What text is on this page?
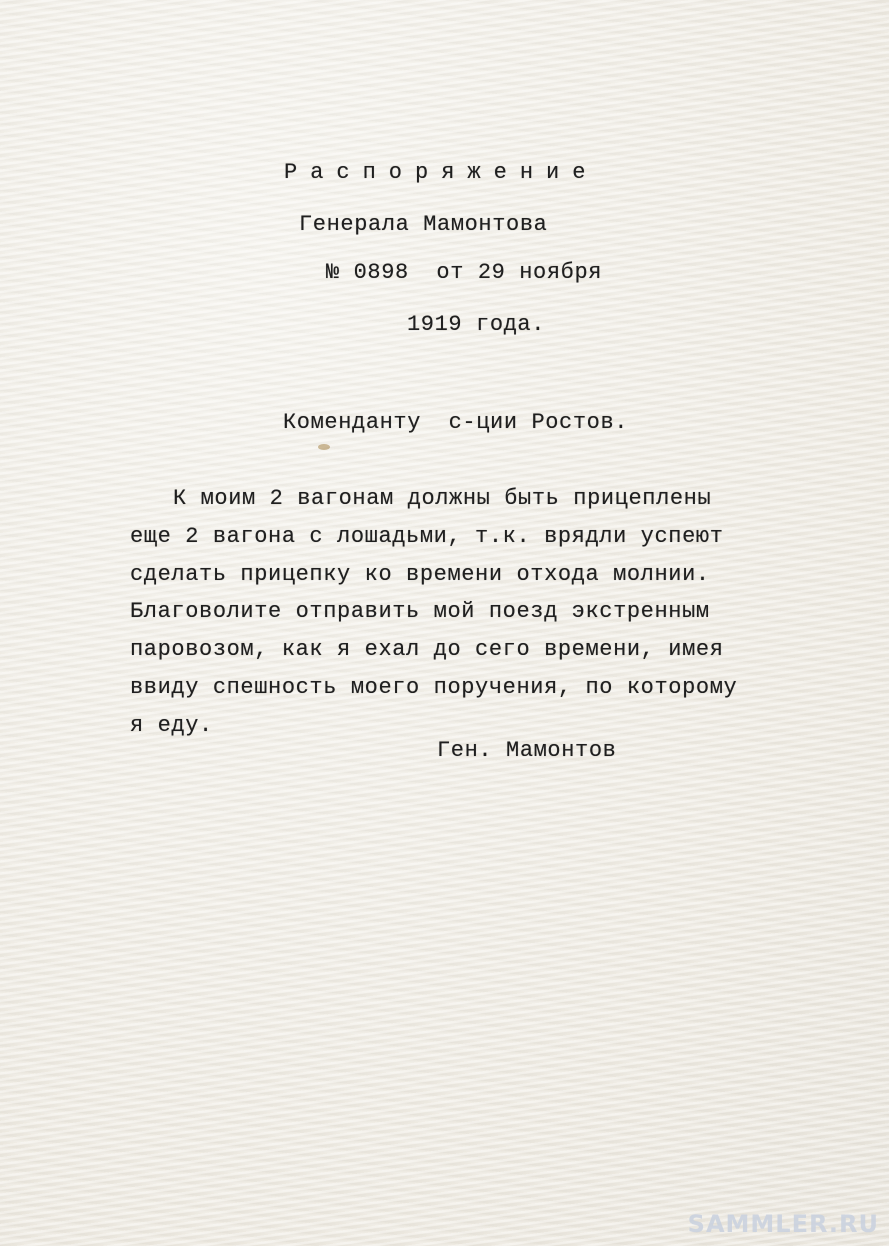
Распоряжение
Генерала Мамонтова
№ 0898  от 29 ноября
1919 года.
Коменданту  с-ции Ростов.
К моим 2 вагонам должны быть прицеплены
еще 2 вагона с лошадьми, т.к. врядли успеют
сделать прицепку ко времени отхода молнии.
Благоволите отправить мой поезд экстренным
паровозом, как я ехал до сего времени, имея
ввиду спешность моего поручения, по которому
я еду.
Ген. Мамонтов
SAMMLER.RU
